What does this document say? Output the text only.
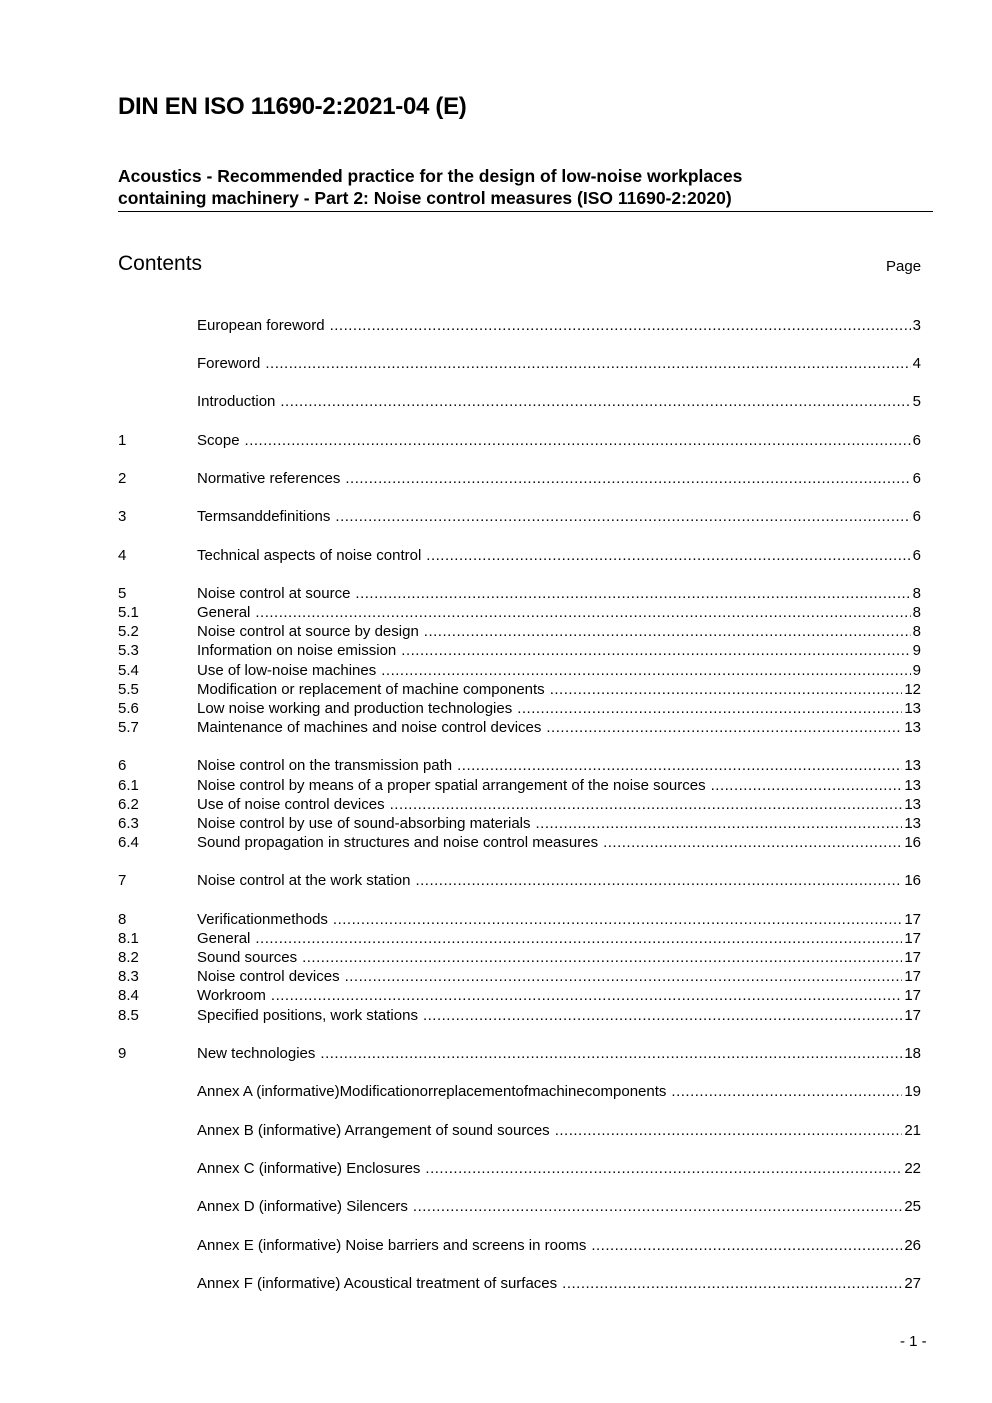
DIN EN ISO 11690-2:2021-04 (E)
Acoustics - Recommended practice for the design of low-noise workplaces
containing machinery - Part 2: Noise control measures (ISO 11690-2:2020)
Contents	Page
European foreword .....	3
Foreword .....	4
Introduction .....	5
1	Scope .....	6
2	Normative references .....	6
3	Termsanddefinitions .....	6
4	Technical aspects of noise control .....	6
5	Noise control at source .....	8
5.1	General .....	8
5.2	Noise control at source by design .....	8
5.3	Information on noise emission .....	9
5.4	Use of low-noise machines .....	9
5.5	Modification or replacement of machine components .....	12
5.6	Low noise working and production technologies .....	13
5.7	Maintenance of machines and noise control devices .....	13
6	Noise control on the transmission path .....	13
6.1	Noise control by means of a proper spatial arrangement of the noise sources .....	13
6.2	Use of noise control devices .....	13
6.3	Noise control by use of sound-absorbing materials .....	13
6.4	Sound propagation in structures and noise control measures .....	16
7	Noise control at the work station .....	16
8	Verificationmethods .....	17
8.1	General .....	17
8.2	Sound sources .....	17
8.3	Noise control devices .....	17
8.4	Workroom .....	17
8.5	Specified positions, work stations .....	17
9	New technologies .....	18
Annex A (informative)Modificationorreplacementofmachinecomponents .....	19
Annex B (informative) Arrangement of sound sources .....	21
Annex C (informative) Enclosures .....	22
Annex D (informative) Silencers .....	25
Annex E (informative) Noise barriers and screens in rooms .....	26
Annex F (informative) Acoustical treatment of surfaces .....	27
- 1 -
